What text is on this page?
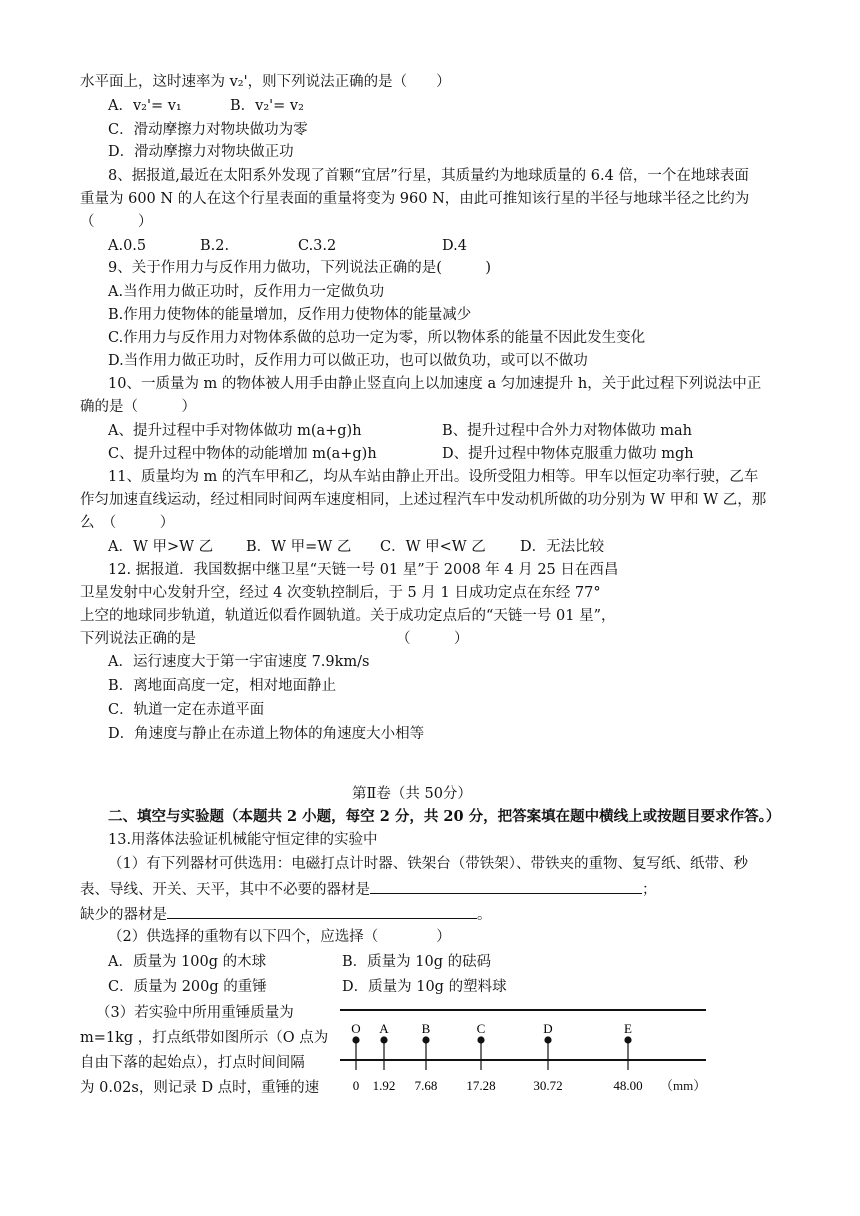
水平面上，这时速率为 v₂'，则下列说法正确的是（　　）
A．v₂'= v₁	B．v₂'= v₂
C．滑动摩擦力对物块做功为零
D．滑动摩擦力对物块做正功
8、据报道,最近在太阳系外发现了首颗“宜居”行星，其质量约为地球质量的 6.4 倍，一个在地球表面
重量为 600 N 的人在这个行星表面的重量将变为 960 N，由此可推知该行星的半径与地球半径之比约为
（　　　）
A.0.5	B.2.	C.3.2	D.4
9、关于作用力与反作用力做功，下列说法正确的是(　　　)
A.当作用力做正功时，反作用力一定做负功
B.作用力使物体的能量增加，反作用力使物体的能量减少
C.作用力与反作用力对物体系做的总功一定为零，所以物体系的能量不因此发生变化
D.当作用力做正功时，反作用力可以做正功，也可以做负功，或可以不做功
10、一质量为 m 的物体被人用手由静止竖直向上以加速度 a 匀加速提升 h，关于此过程下列说法中正
确的是（　　　）
A、提升过程中手对物体做功 m(a+g)h	B、提升过程中合外力对物体做功 mah
C、提升过程中物体的动能增加 m(a+g)h	D、提升过程中物体克服重力做功 mgh
11、质量均为 m 的汽车甲和乙，均从车站由静止开出。设所受阻力相等。甲车以恒定功率行驶，乙车
作匀加速直线运动，经过相同时间两车速度相同，上述过程汽车中发动机所做的功分别为 W 甲和 W 乙，那
么　（　　　）
A．W 甲>W 乙 B．W 甲=W 乙 C．W 甲<W 乙 D．无法比较
12. 据报道．我国数据中继卫星“天链一号 01 星”于 2008 年 4 月 25 日在西昌
卫星发射中心发射升空，经过 4 次变轨控制后，于 5 月 1 日成功定点在东经 77°
上空的地球同步轨道，轨道近似看作圆轨道。关于成功定点后的“天链一号 01 星”，
下列说法正确的是	（　　　）
A．运行速度大于第一宇宙速度 7.9km/s
B．离地面高度一定，相对地面静止
C．轨道一定在赤道平面
D．角速度与静止在赤道上物体的角速度大小相等
第Ⅱ卷（共 50分）
二、填空与实验题（本题共 2 小题，每空 2 分，共 20 分，把答案填在题中横线上或按题目要求作答。）
13.用落体法验证机械能守恒定律的实验中
（1）有下列器材可供选用：电磁打点计时器、铁架台（带铁架）、带铁夹的重物、复写纸、纸带、秒
表、导线、开关、天平，其中不必要的器材是	；
缺少的器材是	。
（2）供选择的重物有以下四个，应选择（　　　　）
A．质量为 100g 的木球	B．质量为 10g 的砝码
C．质量为 200g 的重锤	D．质量为 10g 的塑料球
（3）若实验中所用重锤质量为
m=1kg ，打点纸带如图所示（O 点为
自由下落的起始点），打点时间间隔
为 0.02s，则记录 D 点时，重锤的速
O
0
A
1.92
B
7.68
C
17.28
D
30.72
E
48.00 （mm）
